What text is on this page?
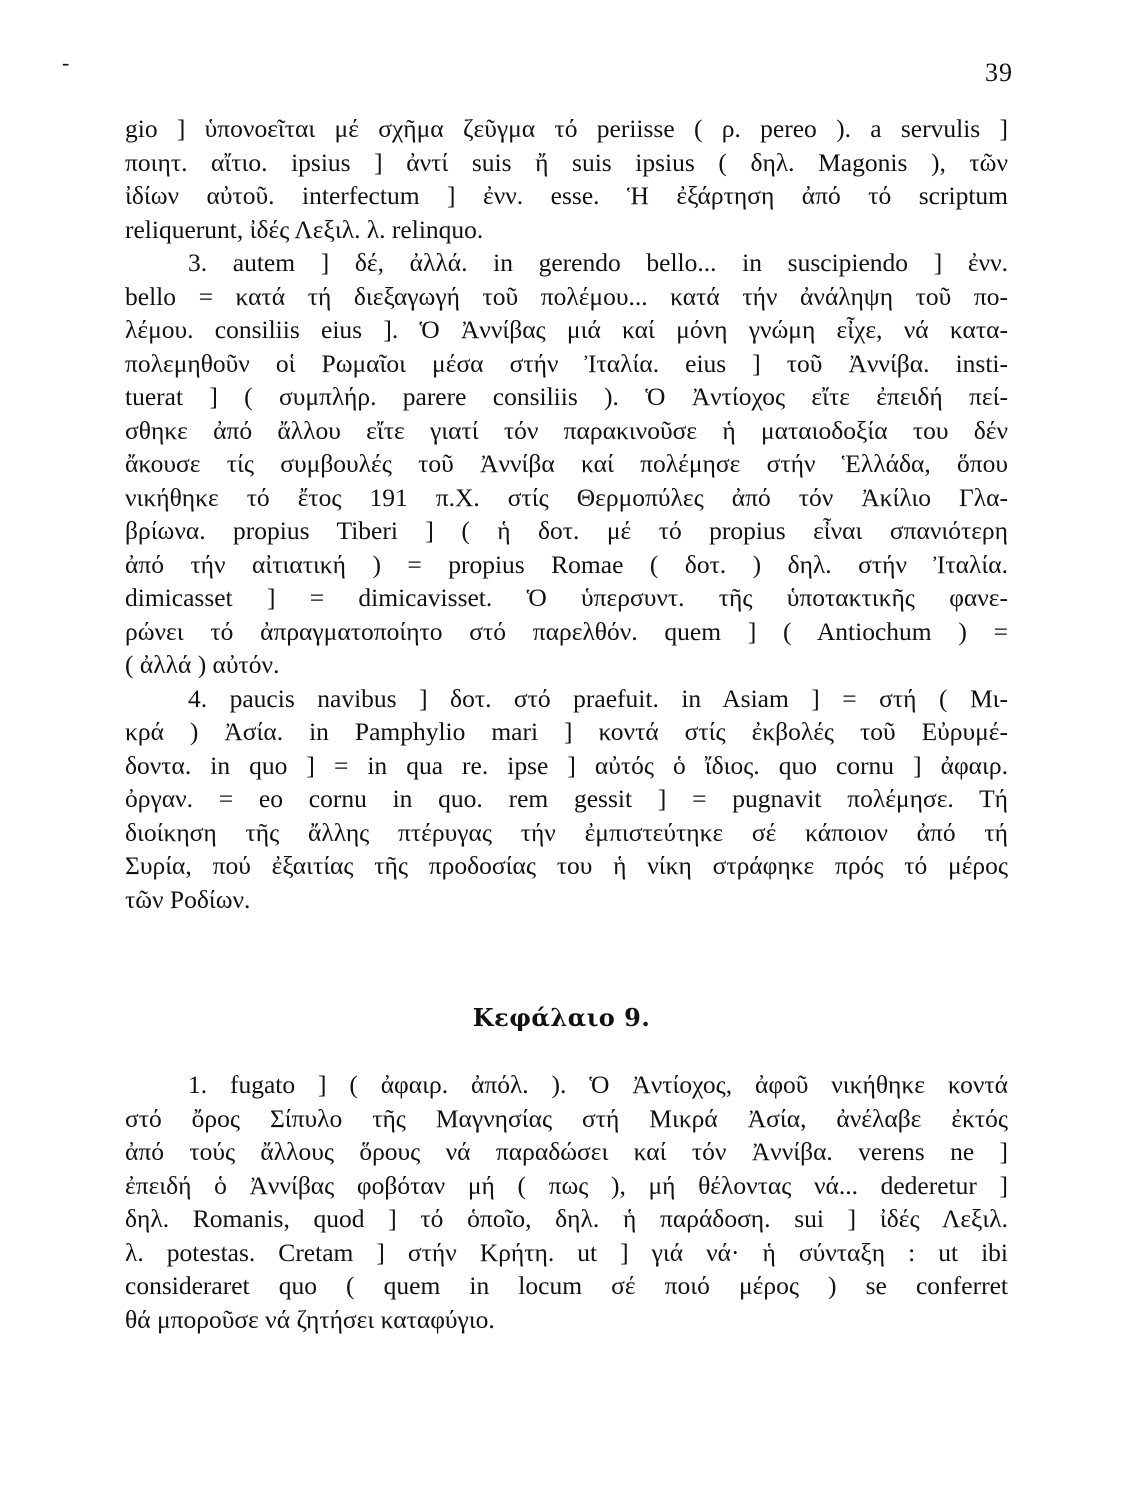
-	39
gio ] ὑπονοεῖται μέ σχῆμα ζεῦγμα τό periisse ( ρ. pereo ). a servulis ]
ποιητ. αἴτιο. ipsius ] ἀντί suis ἤ suis ipsius ( δηλ. Magonis ), τῶν
ἰδίων αὐτοῦ. interfectum ] ἐνν. esse. Ἡ ἐξάρτηση ἀπό τό scriptum
reliquerunt, ἰδές Λεξιλ. λ. relinquo.
3. autem ] δέ, ἀλλά. in gerendo bello... in suscipiendo ] ἐνν.
bello = κατά τή διεξαγωγή τοῦ πολέμου... κατά τήν ἀνάληψη τοῦ πο-
λέμου. consiliis eius ]. Ὁ Ἀννίβας μιά καί μόνη γνώμη εἶχε, νά κατα-
πολεμηθοῦν οἱ Ρωμαῖοι μέσα στήν Ἰταλία. eius ] τοῦ Ἀννίβα. insti-
tuerat ] ( συμπλήρ. parere consiliis ). Ὁ Ἀντίοχος εἴτε ἐπειδή πεί-
σθηκε ἀπό ἄλλου εἴτε γιατί τόν παρακινοῦσε ἡ ματαιοδοξία του δέν
ἄκουσε τίς συμβουλές τοῦ Ἀννίβα καί πολέμησε στήν Ἑλλάδα, ὅπου
νικήθηκε τό ἔτος 191 π.Χ. στίς Θερμοπύλες ἀπό τόν Ἀκίλιο Γλα-
βρίωνα. propius Tiberi ] ( ἡ δοτ. μέ τό propius εἶναι σπανιότερη
ἀπό τήν αἰτιατική ) = propius Romae ( δοτ. ) δηλ. στήν Ἰταλία.
dimicasset ] = dimicavisset. Ὁ ὑπερσυντ. τῆς ὑποτακτικῆς φανε-
ρώνει τό ἀπραγματοποίητο στό παρελθόν. quem ] ( Antiochum ) =
( ἀλλά ) αὐτόν.
4. paucis navibus ] δοτ. στό praefuit. in Asiam ] = στή ( Μι-
κρά ) Ἀσία. in Pamphylio mari ] κοντά στίς ἐκβολές τοῦ Εὐρυμέ-
δοντα. in quo ] = in qua re. ipse ] αὐτός ὁ ἴδιος. quo cornu ] ἀφαιρ.
ὀργαν. = eo cornu in quo. rem gessit ] = pugnavit πολέμησε. Τή
διοίκηση τῆς ἄλλης πτέρυγας τήν ἐμπιστεύτηκε σέ κάποιον ἀπό τή
Συρία, πού ἐξαιτίας τῆς προδοσίας του ἡ νίκη στράφηκε πρός τό μέρος
τῶν Ροδίων.
Κεφάλαιο 9.
1. fugato ] ( ἀφαιρ. ἀπόλ. ). Ὁ Ἀντίοχος, ἀφοῦ νικήθηκε κοντά
στό ὄρος Σίπυλο τῆς Μαγνησίας στή Μικρά Ἀσία, ἀνέλαβε ἐκτός
ἀπό τούς ἄλλους ὅρους νά παραδώσει καί τόν Ἀννίβα. verens ne ]
ἐπειδή ὁ Ἀννίβας φοβόταν μή ( πως ), μή θέλοντας νά... dederetur ]
δηλ. Romanis, quod ] τό ὁποῖο, δηλ. ἡ παράδοση. sui ] ἰδές Λεξιλ.
λ. potestas. Cretam ] στήν Κρήτη. ut ] γιά νά· ἡ σύνταξη : ut ibi
consideraret quo ( quem in locum σέ ποιό μέρος ) se conferret
θά μποροῦσε νά ζητήσει καταφύγιο.
